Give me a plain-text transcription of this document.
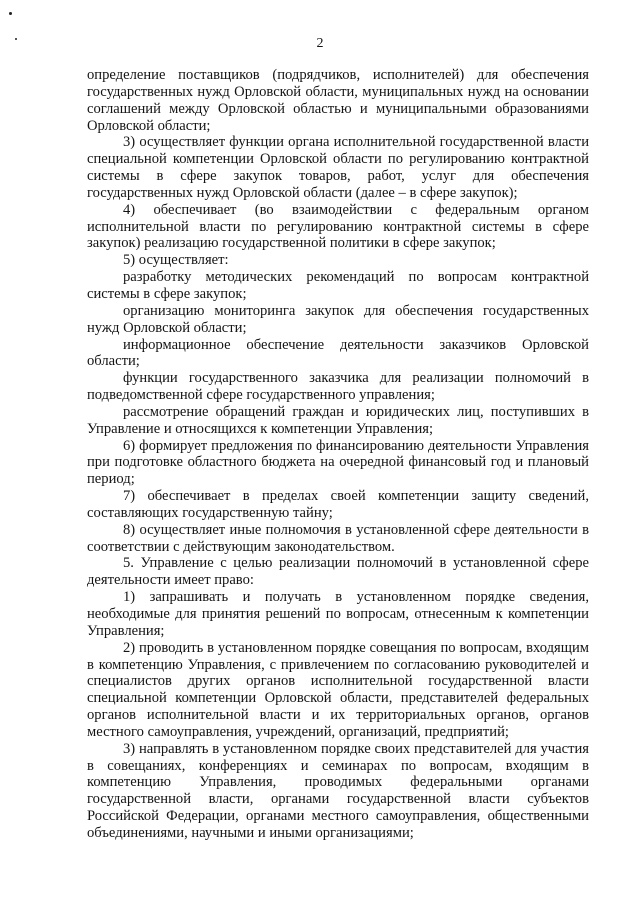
2

определение поставщиков (подрядчиков, исполнителей) для обеспечения государственных нужд Орловской области, муниципальных нужд на основании соглашений между Орловской областью и муниципальными образованиями Орловской области;

3) осуществляет функции органа исполнительной государственной власти специальной компетенции Орловской области по регулированию контрактной системы в сфере закупок товаров, работ, услуг для обеспечения государственных нужд Орловской области (далее – в сфере закупок);

4) обеспечивает (во взаимодействии с федеральным органом исполнительной власти по регулированию контрактной системы в сфере закупок) реализацию государственной политики в сфере закупок;

5) осуществляет:

разработку методических рекомендаций по вопросам контрактной системы в сфере закупок;

организацию мониторинга закупок для обеспечения государственных нужд Орловской области;

информационное обеспечение деятельности заказчиков Орловской области;

функции государственного заказчика для реализации полномочий в подведомственной сфере государственного управления;

рассмотрение обращений граждан и юридических лиц, поступивших в Управление и относящихся к компетенции Управления;

6) формирует предложения по финансированию деятельности Управления при подготовке областного бюджета на очередной финансовый год и плановый период;

7) обеспечивает в пределах своей компетенции защиту сведений, составляющих государственную тайну;

8) осуществляет иные полномочия в установленной сфере деятельности в соответствии с действующим законодательством.

5. Управление с целью реализации полномочий в установленной сфере деятельности имеет право:

1) запрашивать и получать в установленном порядке сведения, необходимые для принятия решений по вопросам, отнесенным к компетенции Управления;

2) проводить в установленном порядке совещания по вопросам, входящим в компетенцию Управления, с привлечением по согласованию руководителей и специалистов других органов исполнительной государственной власти специальной компетенции Орловской области, представителей федеральных органов исполнительной власти и их территориальных органов, органов местного самоуправления, учреждений, организаций, предприятий;

3) направлять в установленном порядке своих представителей для участия в совещаниях, конференциях и семинарах по вопросам, входящим в компетенцию Управления, проводимых федеральными органами государственной власти, органами государственной власти субъектов Российской Федерации, органами местного самоуправления, общественными объединениями, научными и иными организациями;
